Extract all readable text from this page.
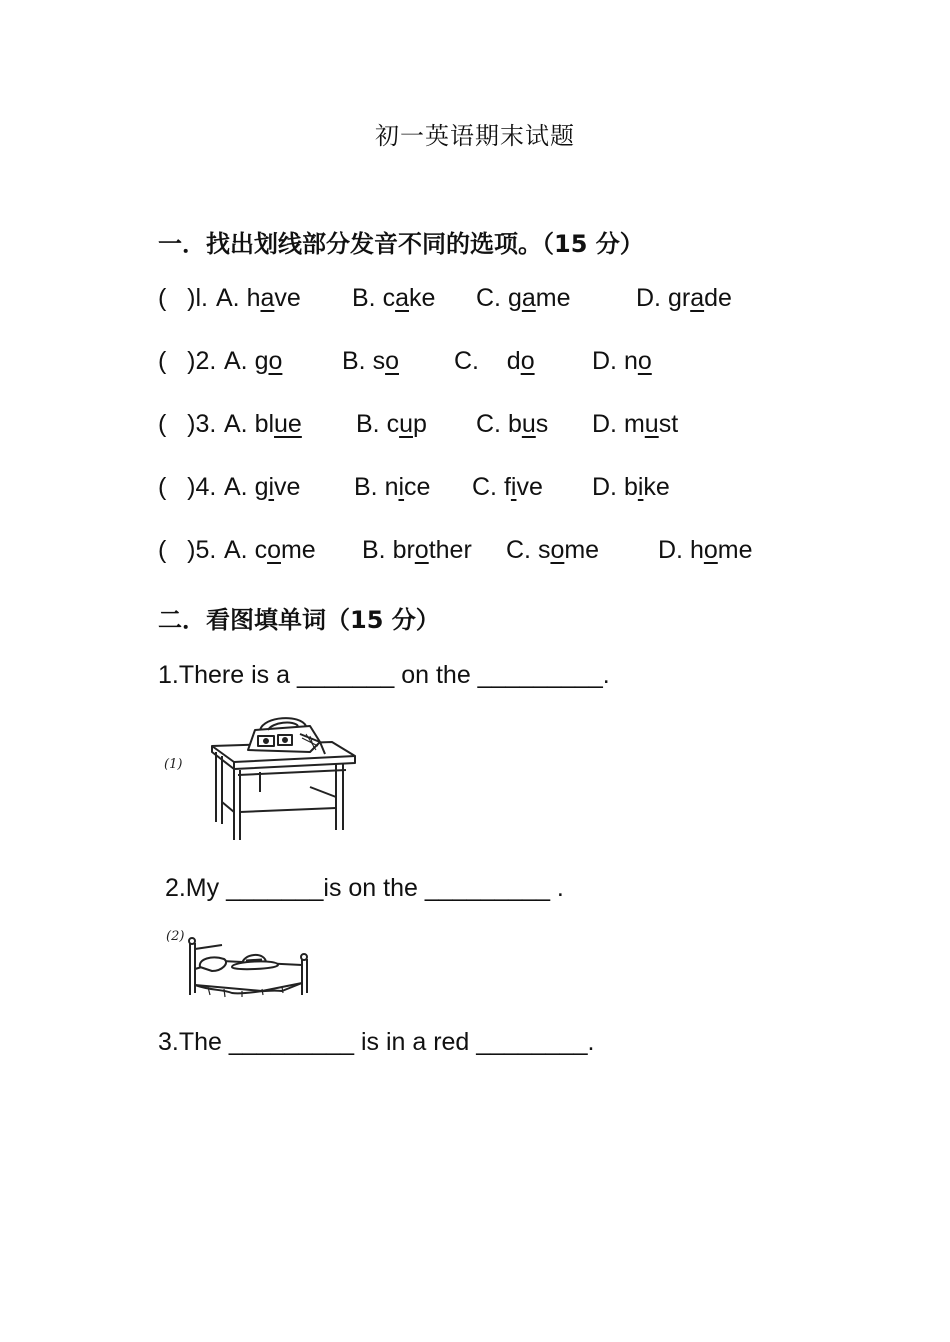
初一英语期末试题
一．找出划线部分发音不同的选项。（15 分）
(   )l. A. have B. cake C. game	D. grade
(   )2. A. go B. so C.    do D. no
(   )3. A. blue B. cup C. bus D. must
(   )4. A. give B. nice C. five D. bike
(   )5. A. come B. brother C. some D. home
二．看图填单词（15 分）
1.There is a _______ on the _________.
(1)
2.My _______is on the _________ .
(2)
3.The _________ is in a red ________.
